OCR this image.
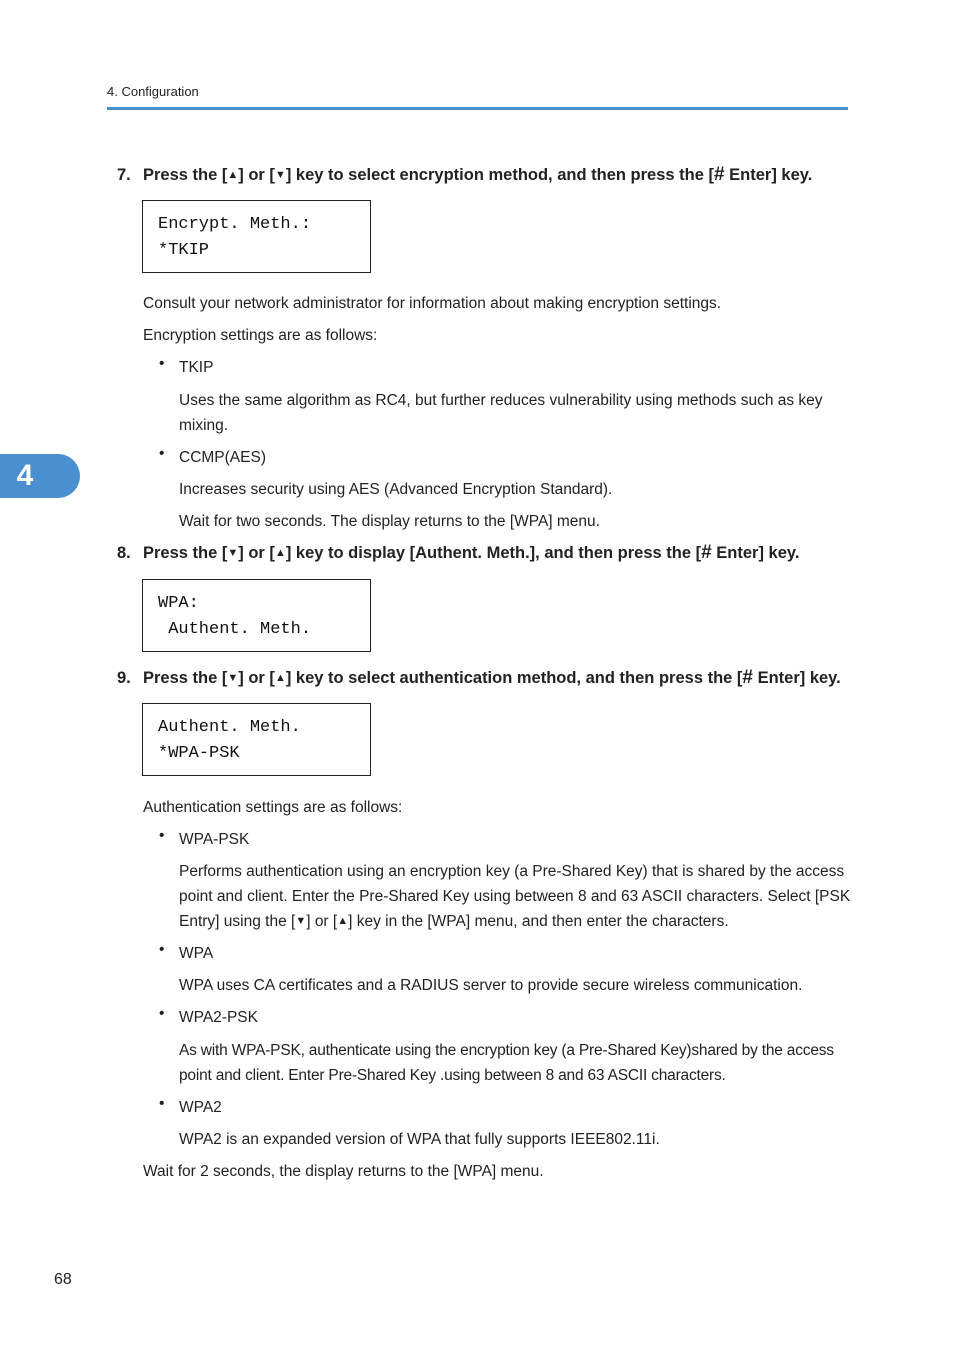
4. Configuration
4
7. Press the [▲] or [▼] key to select encryption method, and then press the [# Enter] key.
Encrypt. Meth.:
*TKIP
Consult your network administrator for information about making encryption settings.
Encryption settings are as follows:
• TKIP
Uses the same algorithm as RC4, but further reduces vulnerability using methods such as key mixing.
• CCMP(AES)
Increases security using AES (Advanced Encryption Standard).
Wait for two seconds. The display returns to the [WPA] menu.
8. Press the [▼] or [▲] key to display [Authent. Meth.], and then press the [# Enter] key.
WPA:
Authent. Meth.
9. Press the [▼] or [▲] key to select authentication method, and then press the [# Enter] key.
Authent. Meth.
*WPA-PSK
Authentication settings are as follows:
• WPA-PSK
Performs authentication using an encryption key (a Pre-Shared Key) that is shared by the access point and client. Enter the Pre-Shared Key using between 8 and 63 ASCII characters. Select [PSK Entry] using the [▼] or [▲] key in the [WPA] menu, and then enter the characters.
• WPA
WPA uses CA certificates and a RADIUS server to provide secure wireless communication.
• WPA2-PSK
As with WPA-PSK, authenticate using the encryption key (a Pre-Shared Key)shared by the access point and client. Enter Pre-Shared Key .using between 8 and 63 ASCII characters.
• WPA2
WPA2 is an expanded version of WPA that fully supports IEEE802.11i.
Wait for 2 seconds, the display returns to the [WPA] menu.
68
